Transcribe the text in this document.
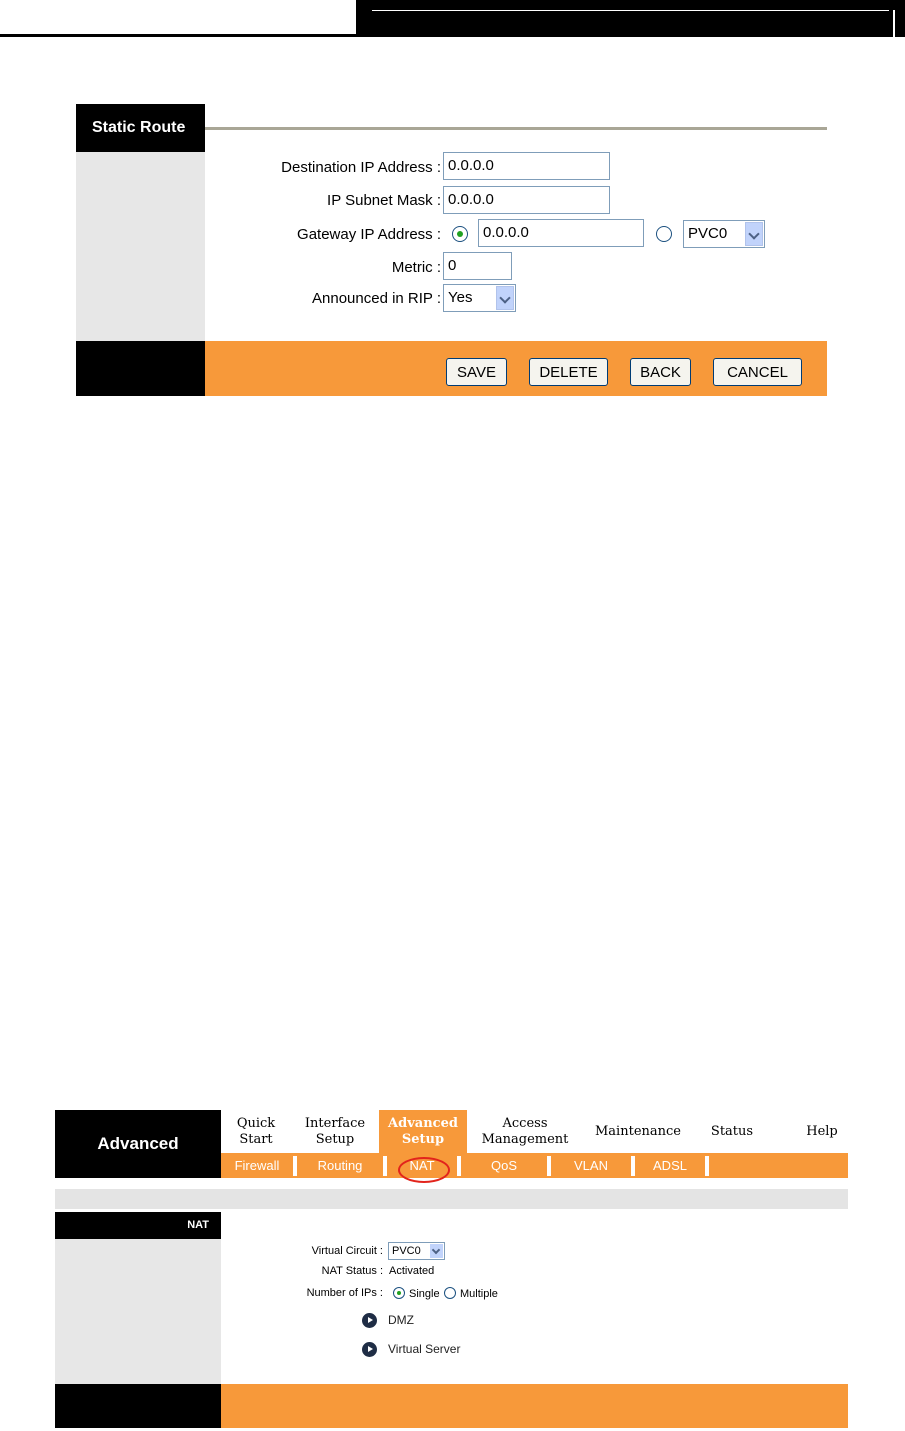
Static Route
Destination IP Address : 0.0.0.0
IP Subnet Mask : 0.0.0.0
Gateway IP Address :	0.0.0.0	PVC0
Metric : 0
Announced in RIP : Yes
SAVE	DELETE	BACK	CANCEL
Advanced
Quick
Start
Interface
Setup
Advanced
Setup
Access
Management
Maintenance	Status	Help
Firewall	Routing	NAT	QoS	VLAN	ADSL
NAT
Virtual Circuit : PVC0
NAT Status : Activated
Number of IPs : Single Multiple
DMZ
Virtual Server
